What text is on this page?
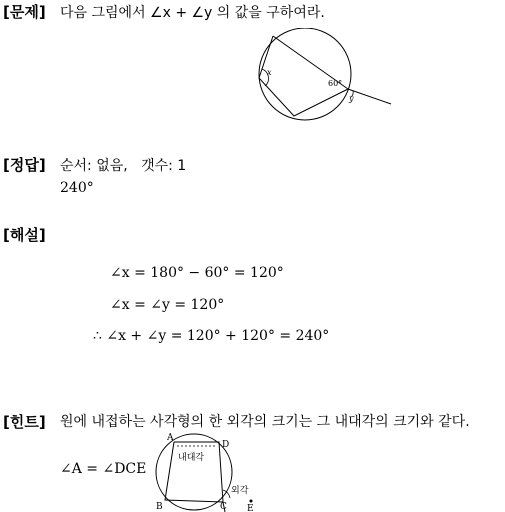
[문제] 다음 그림에서 ∠x + ∠y 의 값을 구하여라.
x
60°
y
[정답] 순서: 없음,   갯수: 1
240°
[해설]
∠x = 180° − 60° = 120°
∠x = ∠y = 120°
∴ ∠x + ∠y = 120° + 120° = 240°
[힌트] 원에 내접하는 사각형의 한 외각의 크기는 그 내대각의 크기와 같다.
∠A = ∠DCE
A
D
B	C E
내대각
외각
